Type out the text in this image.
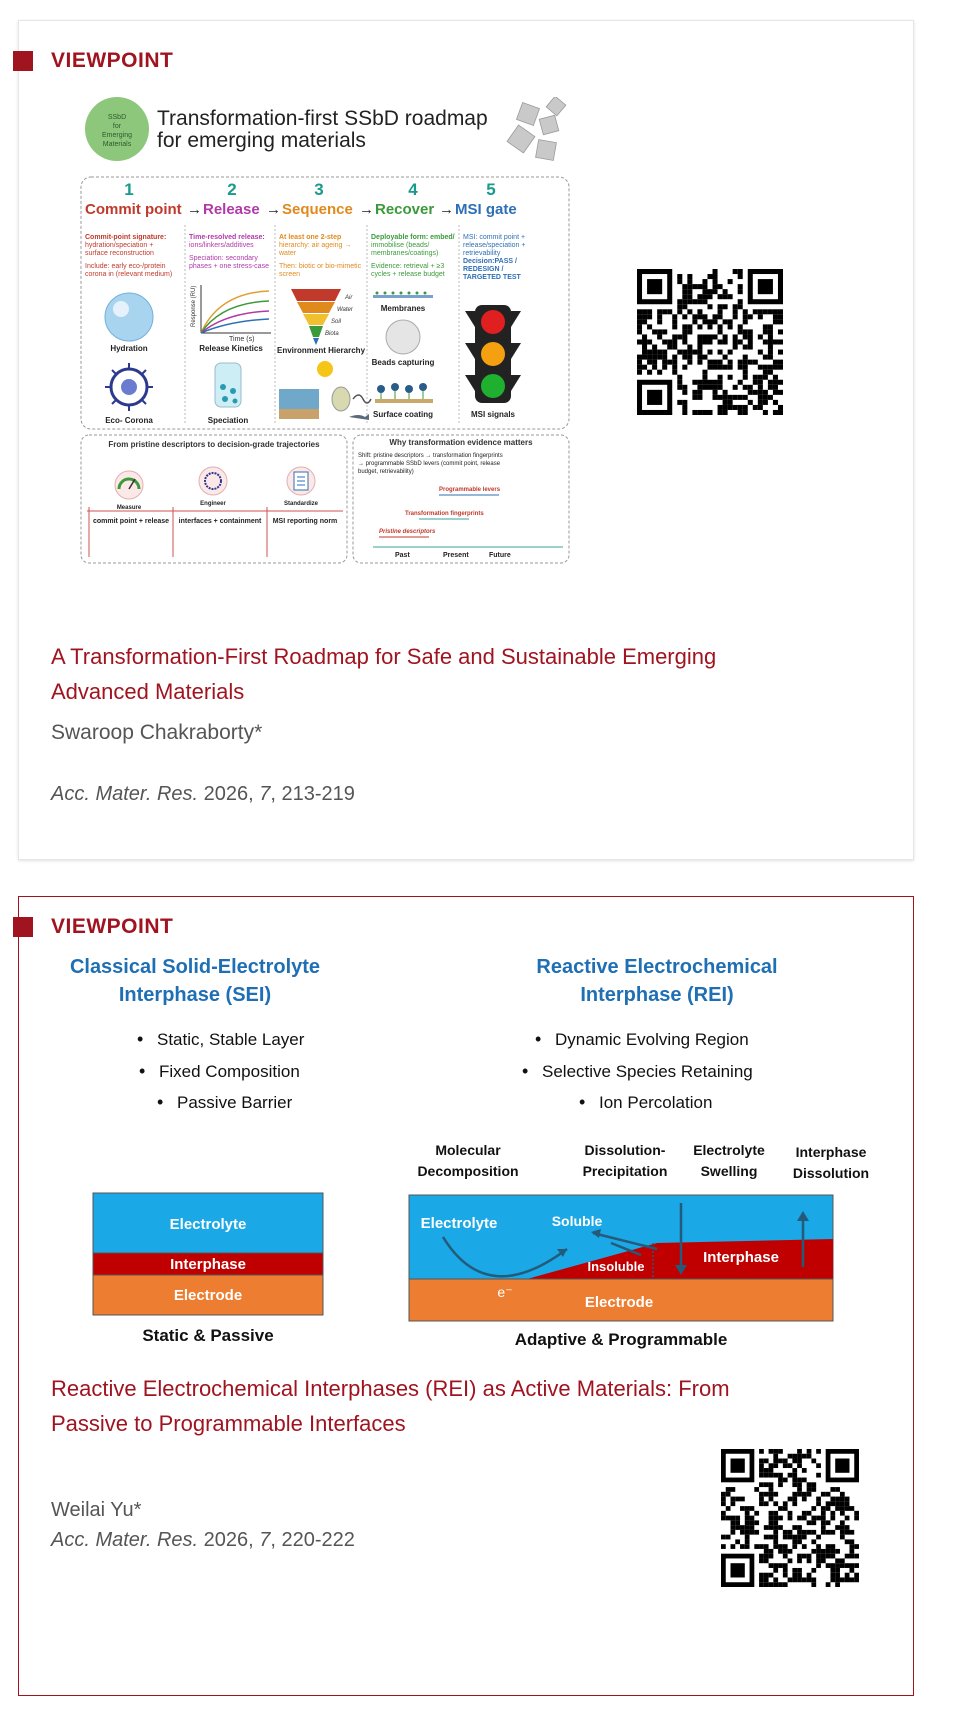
VIEWPOINT
SSbD
for
Emerging
Materials
Transformation-first SSbD roadmap
for emerging materials
1	2	3	4	5
Commit point → Release → Sequence → Recover → MSI gate
Commit-point signature:
hydration/speciation +
surface reconstruction
Include: early eco-/protein
corona in (relevant medium)
Time-resolved release:
ions/linkers/additives
Speciation: secondary
phases + one stress-case
At least one 2-step
hierarchy: air ageing →
water
Then: biotic or bio-mimetic
screen
Deployable form: embed/
immobilise (beads/
membranes/coatings)
Evidence: retrieval + ≥3
cycles + release budget
MSI: commit point +
release/speciation +
retrievability
Decision:PASS /
REDESIGN /
TARGETED TEST
Hydration
Eco- Corona
Response (RU)
Time (s)
Release Kinetics
Speciation
Air
Water
Soil
Biota
Environment Hierarchy
Membranes
Beads capturing
Surface coating	MSI signals
From pristine descriptors to decision-grade trajectories
Measure
Engineer	Standardize
commit point + release interfaces + containment MSI reporting norm
Why transformation evidence matters
Shift: pristine descriptors → transformation fingerprints
→ programmable SSbD levers (commit point, release
budget, retrievability)
Programmable levers
Transformation fingerprints
Pristine descriptors
Past	Present	Future
A Transformation-First Roadmap for Safe and Sustainable Emerging Advanced Materials
Swaroop Chakraborty*
Acc. Mater. Res. 2026, 7, 213-219
VIEWPOINT
Classical Solid-Electrolyte
Interphase (SEI)
• Static, Stable Layer
• Fixed Composition
• Passive Barrier
Reactive Electrochemical
Interphase (REI)
• Dynamic Evolving Region
• Selective Species Retaining
• Ion Percolation
Molecular
Decomposition
Dissolution-
Precipitation
Electrolyte
Swelling
Interphase
Dissolution
Electrolyte
Interphase
Electrode
Static & Passive
Electrolyte	Soluble
Insoluble
Interphase
e⁻
Electrode
Adaptive & Programmable
Reactive Electrochemical Interphases (REI) as Active Materials: From Passive to Programmable Interfaces
Weilai Yu*
Acc. Mater. Res. 2026, 7, 220-222
